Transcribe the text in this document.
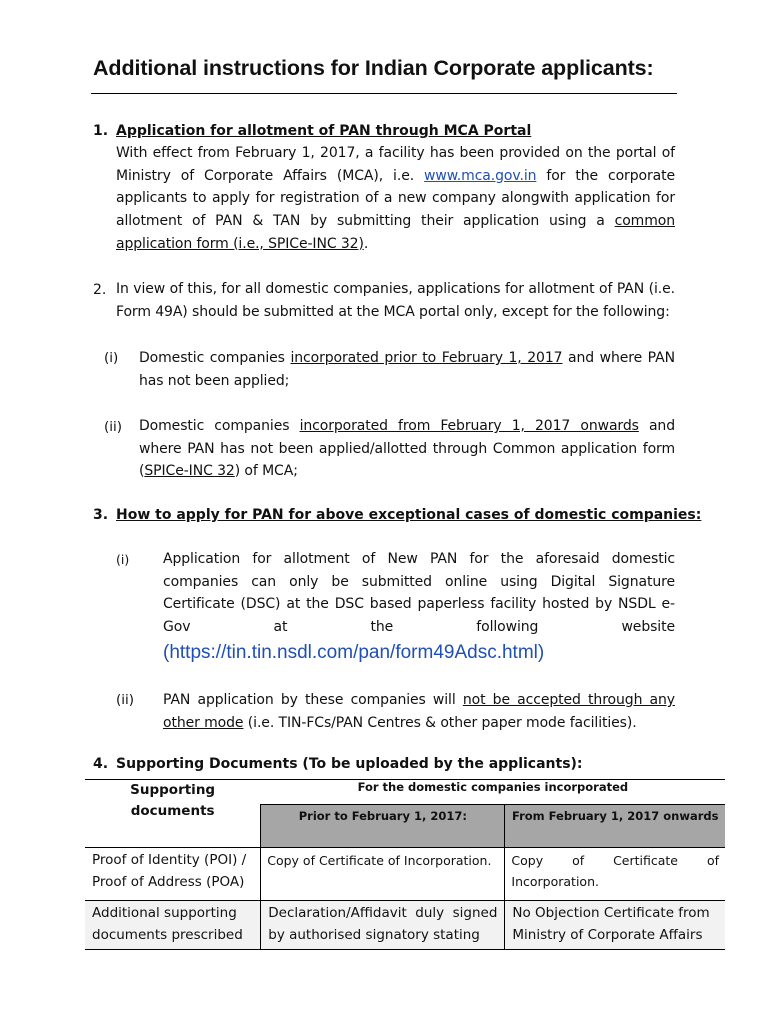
Additional instructions for Indian Corporate applicants:
1. Application for allotment of PAN through MCA Portal
With effect from February 1, 2017, a facility has been provided on the portal of Ministry of Corporate Affairs (MCA), i.e. www.mca.gov.in for the corporate applicants to apply for registration of a new company alongwith application for allotment of PAN & TAN by submitting their application using a common application form (i.e., SPICe-INC 32).
2. In view of this, for all domestic companies, applications for allotment of PAN (i.e. Form 49A) should be submitted at the MCA portal only, except for the following:
(i) Domestic companies incorporated prior to February 1, 2017 and where PAN has not been applied;
(ii) Domestic companies incorporated from February 1, 2017 onwards and where PAN has not been applied/allotted through Common application form (SPICe-INC 32) of MCA;
3. How to apply for PAN for above exceptional cases of domestic companies:
(i) Application for allotment of New PAN for the aforesaid domestic companies can only be submitted online using Digital Signature Certificate (DSC) at the DSC based paperless facility hosted by NSDL e-Gov at the following website
(https://tin.tin.nsdl.com/pan/form49Adsc.html)
(ii) PAN application by these companies will not be accepted through any other mode (i.e. TIN-FCs/PAN Centres & other paper mode facilities).
4. Supporting Documents (To be uploaded by the applicants):
Supporting documents	For the domestic companies incorporated	
	Prior to February 1, 2017:	From February 1, 2017 onwards
Proof of Identity (POI) / Proof of Address (POA)	Copy of Certificate of Incorporation.	Copy of Certificate of Incorporation.
Additional supporting documents prescribed	Declaration/Affidavit duly signed by authorised signatory stating	No Objection Certificate from Ministry of Corporate Affairs
